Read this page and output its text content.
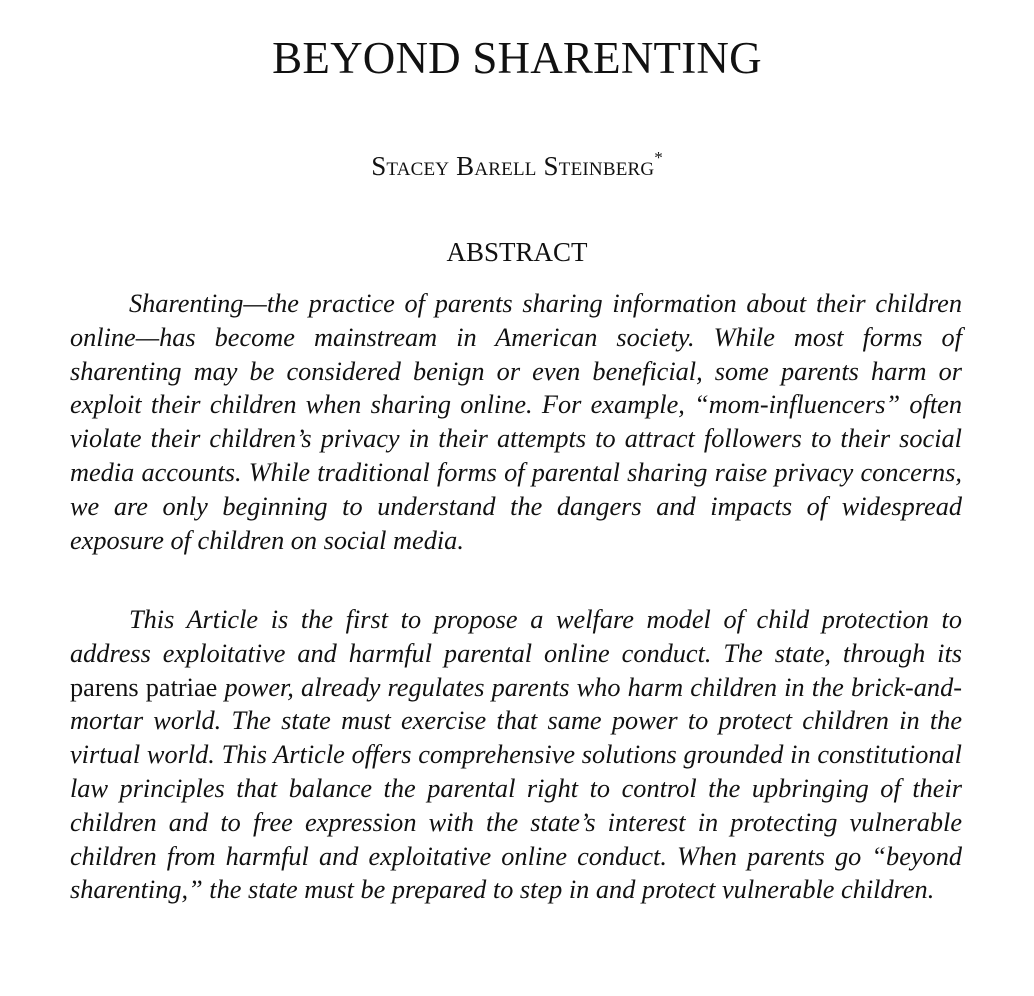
BEYOND SHARENTING

Stacey Barell Steinberg*

ABSTRACT

Sharenting—the practice of parents sharing information about their children online—has become mainstream in American society. While most forms of sharenting may be considered benign or even beneficial, some parents harm or exploit their children when sharing online. For example, “mom-influencers” often violate their children’s privacy in their attempts to attract followers to their social media accounts. While traditional forms of parental sharing raise privacy concerns, we are only beginning to understand the dangers and impacts of widespread exposure of children on social media.

This Article is the first to propose a welfare model of child protection to address exploitative and harmful parental online conduct. The state, through its parens patriae power, already regulates parents who harm children in the brick-and-mortar world. The state must exercise that same power to protect children in the virtual world. This Article offers comprehensive solutions grounded in constitutional law principles that balance the parental right to control the upbringing of their children and to free expression with the state’s interest in protecting vulnerable children from harmful and exploitative online conduct. When parents go “beyond sharenting,” the state must be prepared to step in and protect vulnerable children.
